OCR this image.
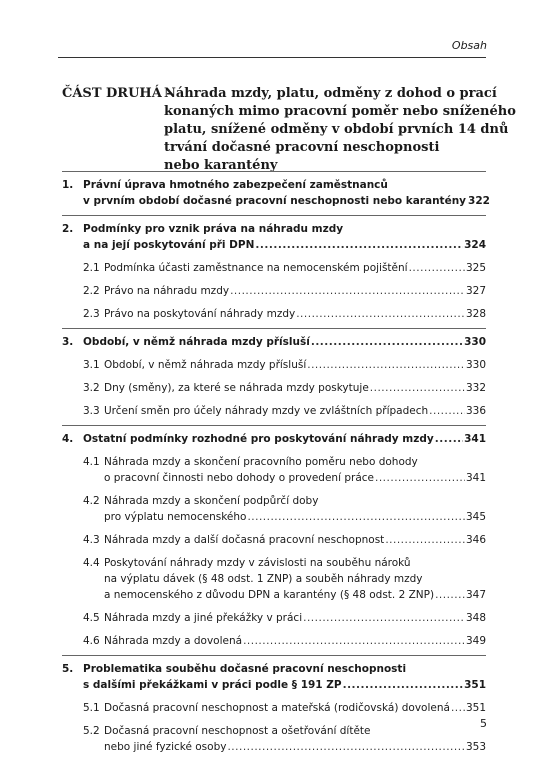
Obsah
ČÁST DRUHÁ –
Náhrada mzdy, platu, odměny z dohod o prací
konaných mimo pracovní poměr nebo sníženého
platu, snížené odměny v období prvních 14 dnů
trvání dočasné pracovní neschopnosti
nebo karantény
1. Právní úprava hmotného zabezpečení zaměstnanců
v prvním období dočasné pracovní neschopnosti nebo karantény 322
2. Podmínky pro vznik práva na náhradu mzdy
a na její poskytování při DPN .....	324
2.1 Podmínka účasti zaměstnance na nemocenském pojištění .....	325
2.2 Právo na náhradu mzdy .....	327
2.3 Právo na poskytování náhrady mzdy .....	328
3. Období, v němž náhrada mzdy přísluší .....	330
3.1 Období, v němž náhrada mzdy přísluší .....	330
3.2 Dny (směny), za které se náhrada mzdy poskytuje .....	332
3.3 Určení směn pro účely náhrady mzdy ve zvláštních případech .....	336
4. Ostatní podmínky rozhodné pro poskytování náhrady mzdy .....	341
4.1 Náhrada mzdy a skončení pracovního poměru nebo dohody
o pracovní činnosti nebo dohody o provedení práce .....	341
4.2 Náhrada mzdy a skončení podpůrčí doby
pro výplatu nemocenského .....	345
4.3 Náhrada mzdy a další dočasná pracovní neschopnost .....	346
4.4 Poskytování náhrady mzdy v závislosti na souběhu nároků
na výplatu dávek (§ 48 odst. 1 ZNP) a souběh náhrady mzdy
a nemocenského z důvodu DPN a karantény (§ 48 odst. 2 ZNP) .....	347
4.5 Náhrada mzdy a jiné překážky v práci .....	348
4.6 Náhrada mzdy a dovolená .....	349
5. Problematika souběhu dočasné pracovní neschopnosti
s dalšími překážkami v práci podle § 191 ZP .....	351
5.1 Dočasná pracovní neschopnost a mateřská (rodičovská) dovolená ..... 351
5.2 Dočasná pracovní neschopnost a ošetřování dítěte
nebo jiné fyzické osoby .....	353
5
